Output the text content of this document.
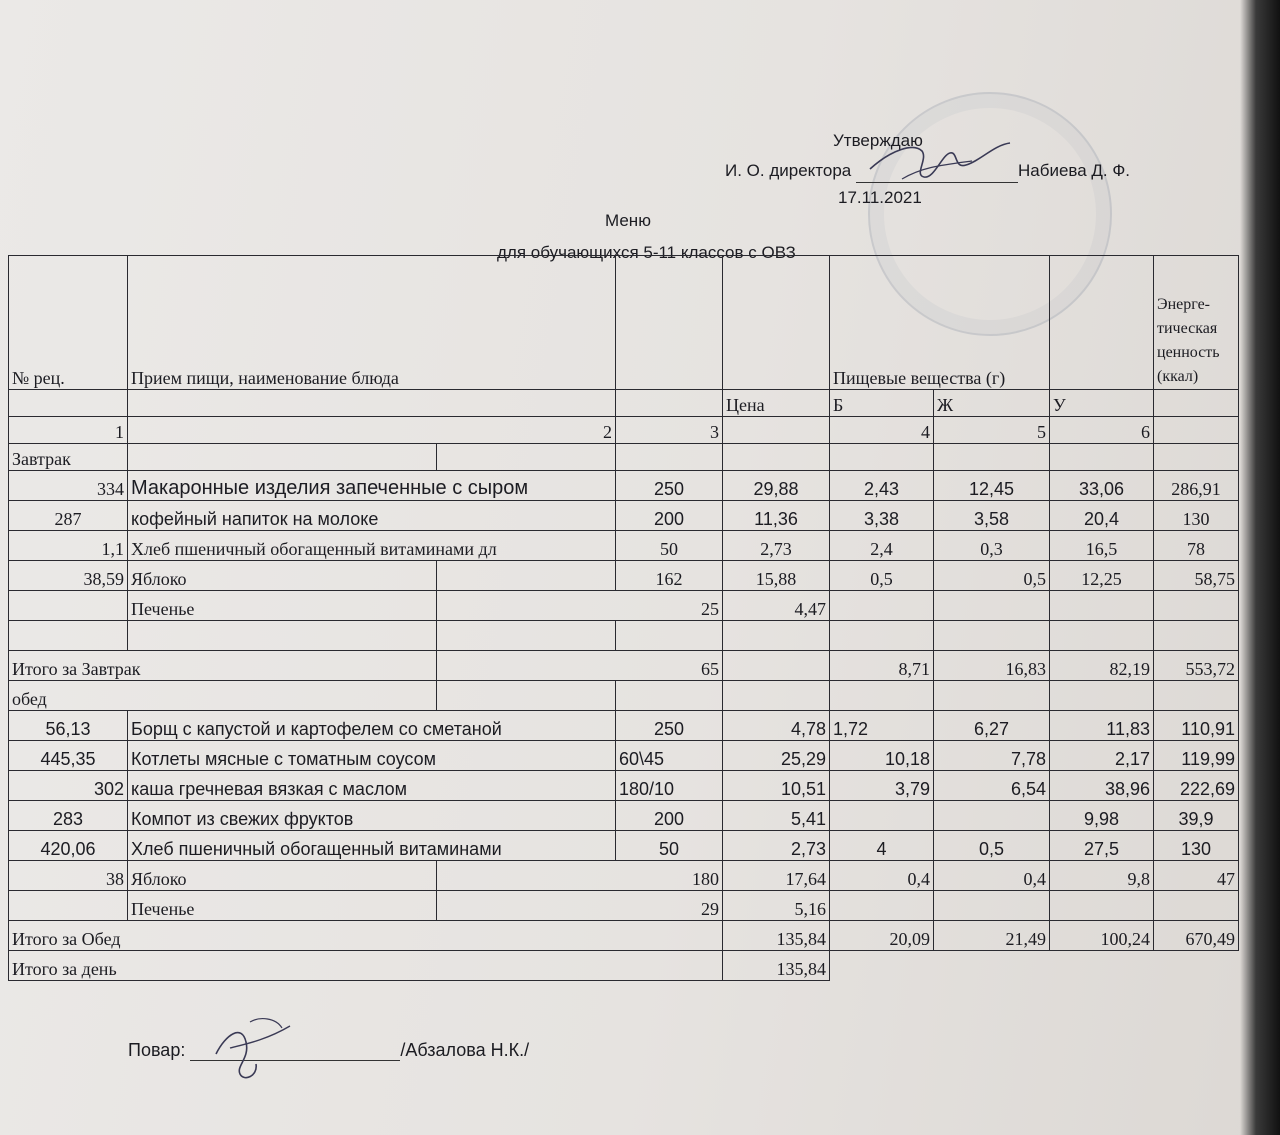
Утверждаю
И. О. директора	Набиева Д. Ф.
17.11.2021
Меню
для обучающихся 5-11 классов с ОВЗ
№ рец.	Прием пищи, наименование блюда				Пищевые вещества (г)			Энерге-
тическая
ценность
(ккал)

				Цена	Б	Ж	У	
1	2		3		4	5	6	
Завтрак								
334	Макаронные изделия запеченные с сыром		250	29,88	2,43	12,45	33,06	286,91
287	кофейный напиток на молоке		200	11,36	3,38	3,58	20,4	130
1,1	Хлеб пшеничный обогащенный витаминами дл		50	2,73	2,4	0,3	16,5	78
38,59	Яблоко		162	15,88	0,5	0,5	12,25	58,75
	Печенье	25		4,47				

Итого за Завтрак		65			8,71	16,83	82,19	553,72
обед								
56,13	Борщ с капустой и картофелем со сметаной		250	4,78	1,72	6,27	11,83	110,91
445,35	Котлеты мясные с томатным соусом		60\45	25,29	10,18	7,78	2,17	119,99
302	каша гречневая вязкая с маслом		180/10	10,51	3,79	6,54	38,96	222,69
283	Компот из свежих фруктов		200	5,41			9,98	39,9
420,06	Хлеб пшеничный обогащенный витаминами		50	2,73	4	0,5	27,5	130
38	Яблоко	180		17,64	0,4	0,4	9,8	47
	Печенье	29		5,16				
Итого за Обед				135,84	20,09	21,49	100,24	670,49
Итого за день				135,84				
Повар:	/Абзалова Н.К./
